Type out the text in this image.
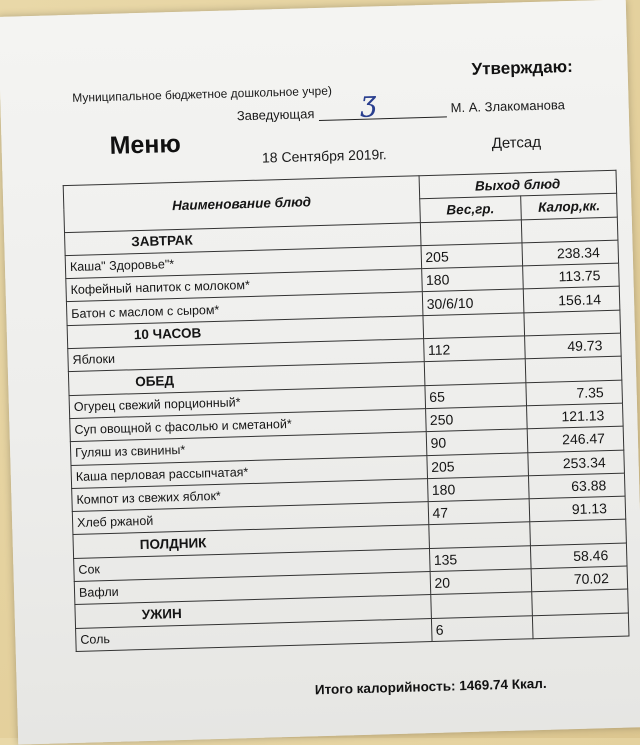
Муниципальное бюджетное дошкольное учре)
Утверждаю:
Заведующая Ӡ	М. А. Злакоманова
Меню	18 Сентября 2019г.
Детсад
Наименование блюд	Выход блюд	
	Вес,гр.	Калор,кк.
ЗАВТРАК		
Каша" Здоровье"*	205	238.34
Кофейный напиток с молоком*	180	113.75
Батон с маслом с сыром*	30/6/10	156.14
10 ЧАСОВ		
Яблоки	112	49.73
ОБЕД		
Огурец свежий порционный*	65	7.35
Суп овощной с фасолью и сметаной*	250	121.13
Гуляш из свинины*	90	246.47
Каша перловая рассыпчатая*	205	253.34
Компот из свежих яблок*	180	63.88
Хлеб ржаной	47	91.13
ПОЛДНИК		
Сок	135	58.46
Вафли	20	70.02
УЖИН		
Соль	6	
Итого калорийность: 1469.74 Ккал.
